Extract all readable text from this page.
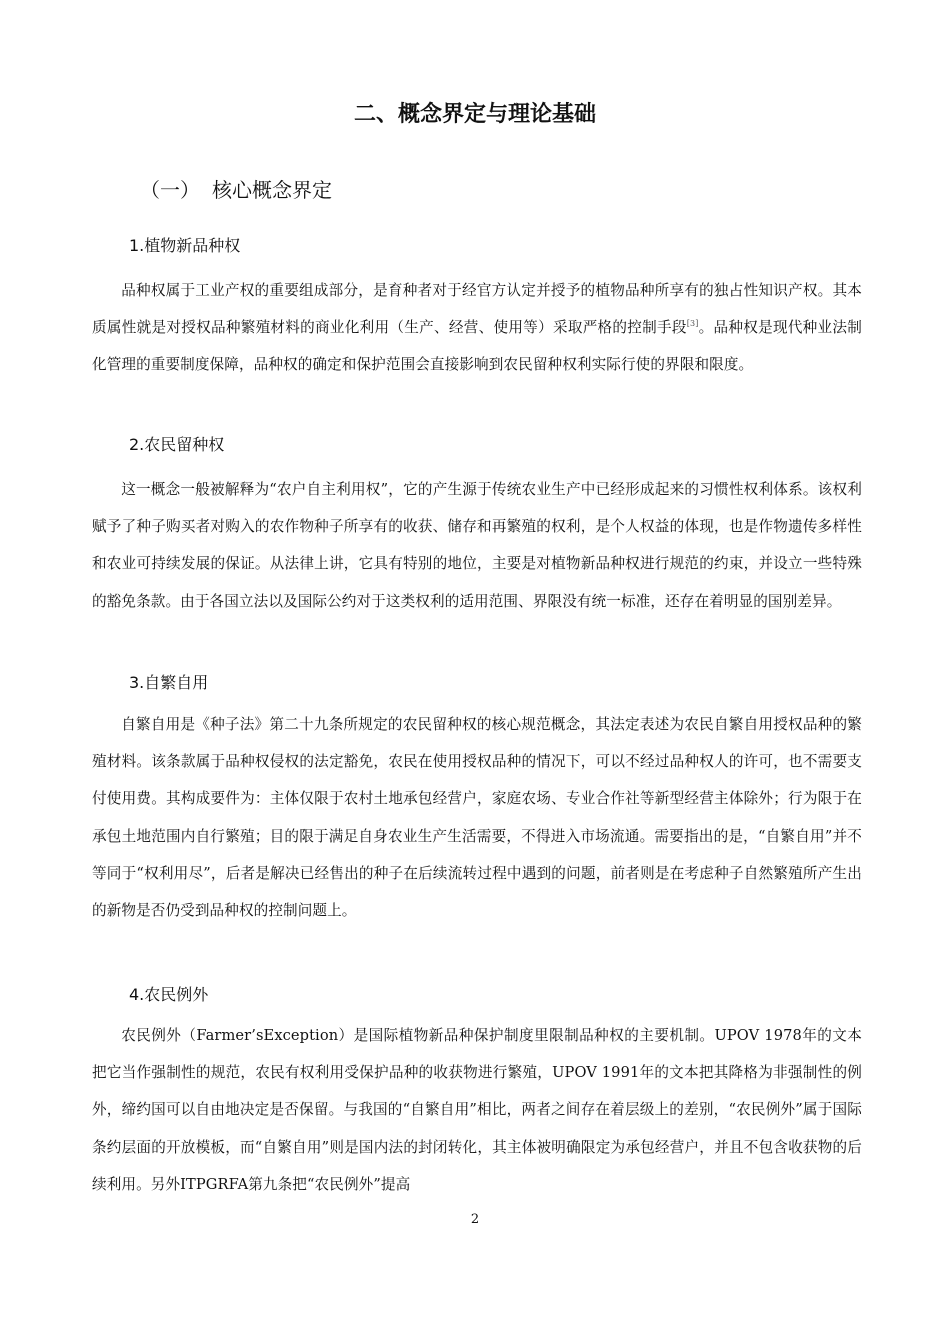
二、概念界定与理论基础
（一） 核心概念界定
1.植物新品种权

品种权属于工业产权的重要组成部分，是育种者对于经官方认定并授予的植物品种所享有的独占性知识产权。其本质属性就是对授权品种繁殖材料的商业化利用（生产、经营、使用等）采取严格的控制手段[3]。品种权是现代种业法制化管理的重要制度保障，品种权的确定和保护范围会直接影响到农民留种权利实际行使的界限和限度。

2.农民留种权

这一概念一般被解释为“农户自主利用权”，它的产生源于传统农业生产中已经形成起来的习惯性权利体系。该权利赋予了种子购买者对购入的农作物种子所享有的收获、储存和再繁殖的权利，是个人权益的体现，也是作物遗传多样性和农业可持续发展的保证。从法律上讲，它具有特别的地位，主要是对植物新品种权进行规范的约束，并设立一些特殊的豁免条款。由于各国立法以及国际公约对于这类权利的适用范围、界限没有统一标准，还存在着明显的国别差异。

3.自繁自用

自繁自用是《种子法》第二十九条所规定的农民留种权的核心规范概念，其法定表述为农民自繁自用授权品种的繁殖材料。该条款属于品种权侵权的法定豁免，农民在使用授权品种的情况下，可以不经过品种权人的许可，也不需要支付使用费。其构成要件为：主体仅限于农村土地承包经营户，家庭农场、专业合作社等新型经营主体除外；行为限于在承包土地范围内自行繁殖；目的限于满足自身农业生产生活需要，不得进入市场流通。需要指出的是，“自繁自用”并不等同于“权利用尽”，后者是解决已经售出的种子在后续流转过程中遇到的问题，前者则是在考虑种子自然繁殖所产生出的新物是否仍受到品种权的控制问题上。

4.农民例外

农民例外（Farmer’sException）是国际植物新品种保护制度里限制品种权的主要机制。UPOV 1978年的文本把它当作强制性的规范，农民有权利用受保护品种的收获物进行繁殖，UPOV 1991年的文本把其降格为非强制性的例外，缔约国可以自由地决定是否保留。与我国的“自繁自用”相比，两者之间存在着层级上的差别，“农民例外”属于国际条约层面的开放模板，而“自繁自用”则是国内法的封闭转化，其主体被明确限定为承包经营户，并且不包含收获物的后续利用。另外ITPGRFA第九条把“农民例外”提高

2
